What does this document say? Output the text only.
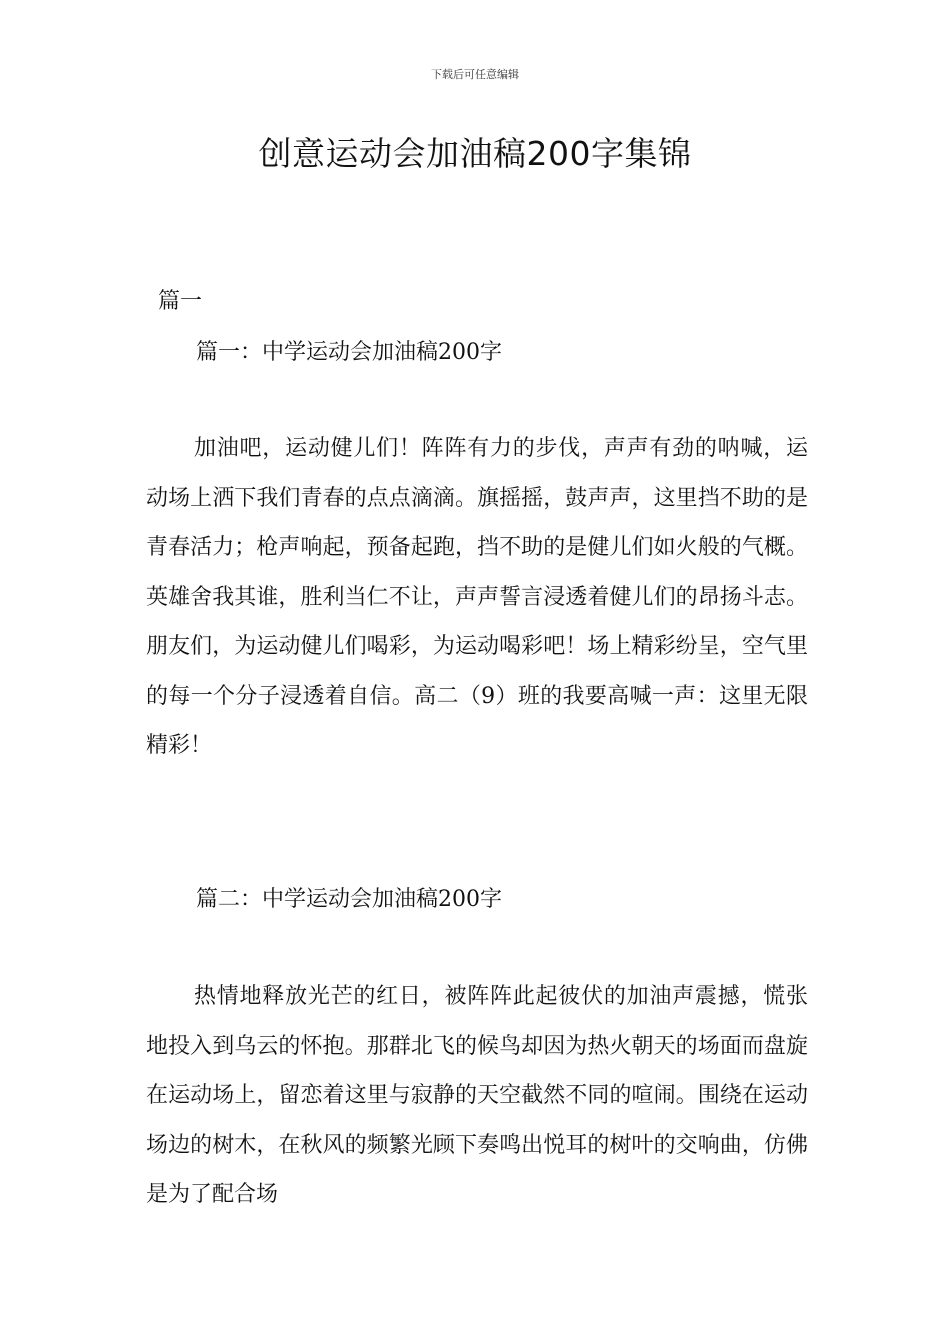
下载后可任意编辑
创意运动会加油稿200字集锦
篇一
篇一：中学运动会加油稿200字
加油吧，运动健儿们！阵阵有力的步伐，声声有劲的呐喊，运动场上洒下我们青春的点点滴滴。旗摇摇，鼓声声，这里挡不助的是青春活力；枪声响起，预备起跑，挡不助的是健儿们如火般的气概。英雄舍我其谁，胜利当仁不让，声声誓言浸透着健儿们的昂扬斗志。朋友们，为运动健儿们喝彩，为运动喝彩吧！场上精彩纷呈，空气里的每一个分子浸透着自信。高二（9）班的我要高喊一声：这里无限精彩！
篇二：中学运动会加油稿200字
热情地释放光芒的红日，被阵阵此起彼伏的加油声震撼，慌张地投入到乌云的怀抱。那群北飞的候鸟却因为热火朝天的场面而盘旋在运动场上，留恋着这里与寂静的天空截然不同的喧闹。围绕在运动场边的树木，在秋风的频繁光顾下奏鸣出悦耳的树叶的交响曲，仿佛是为了配合场
